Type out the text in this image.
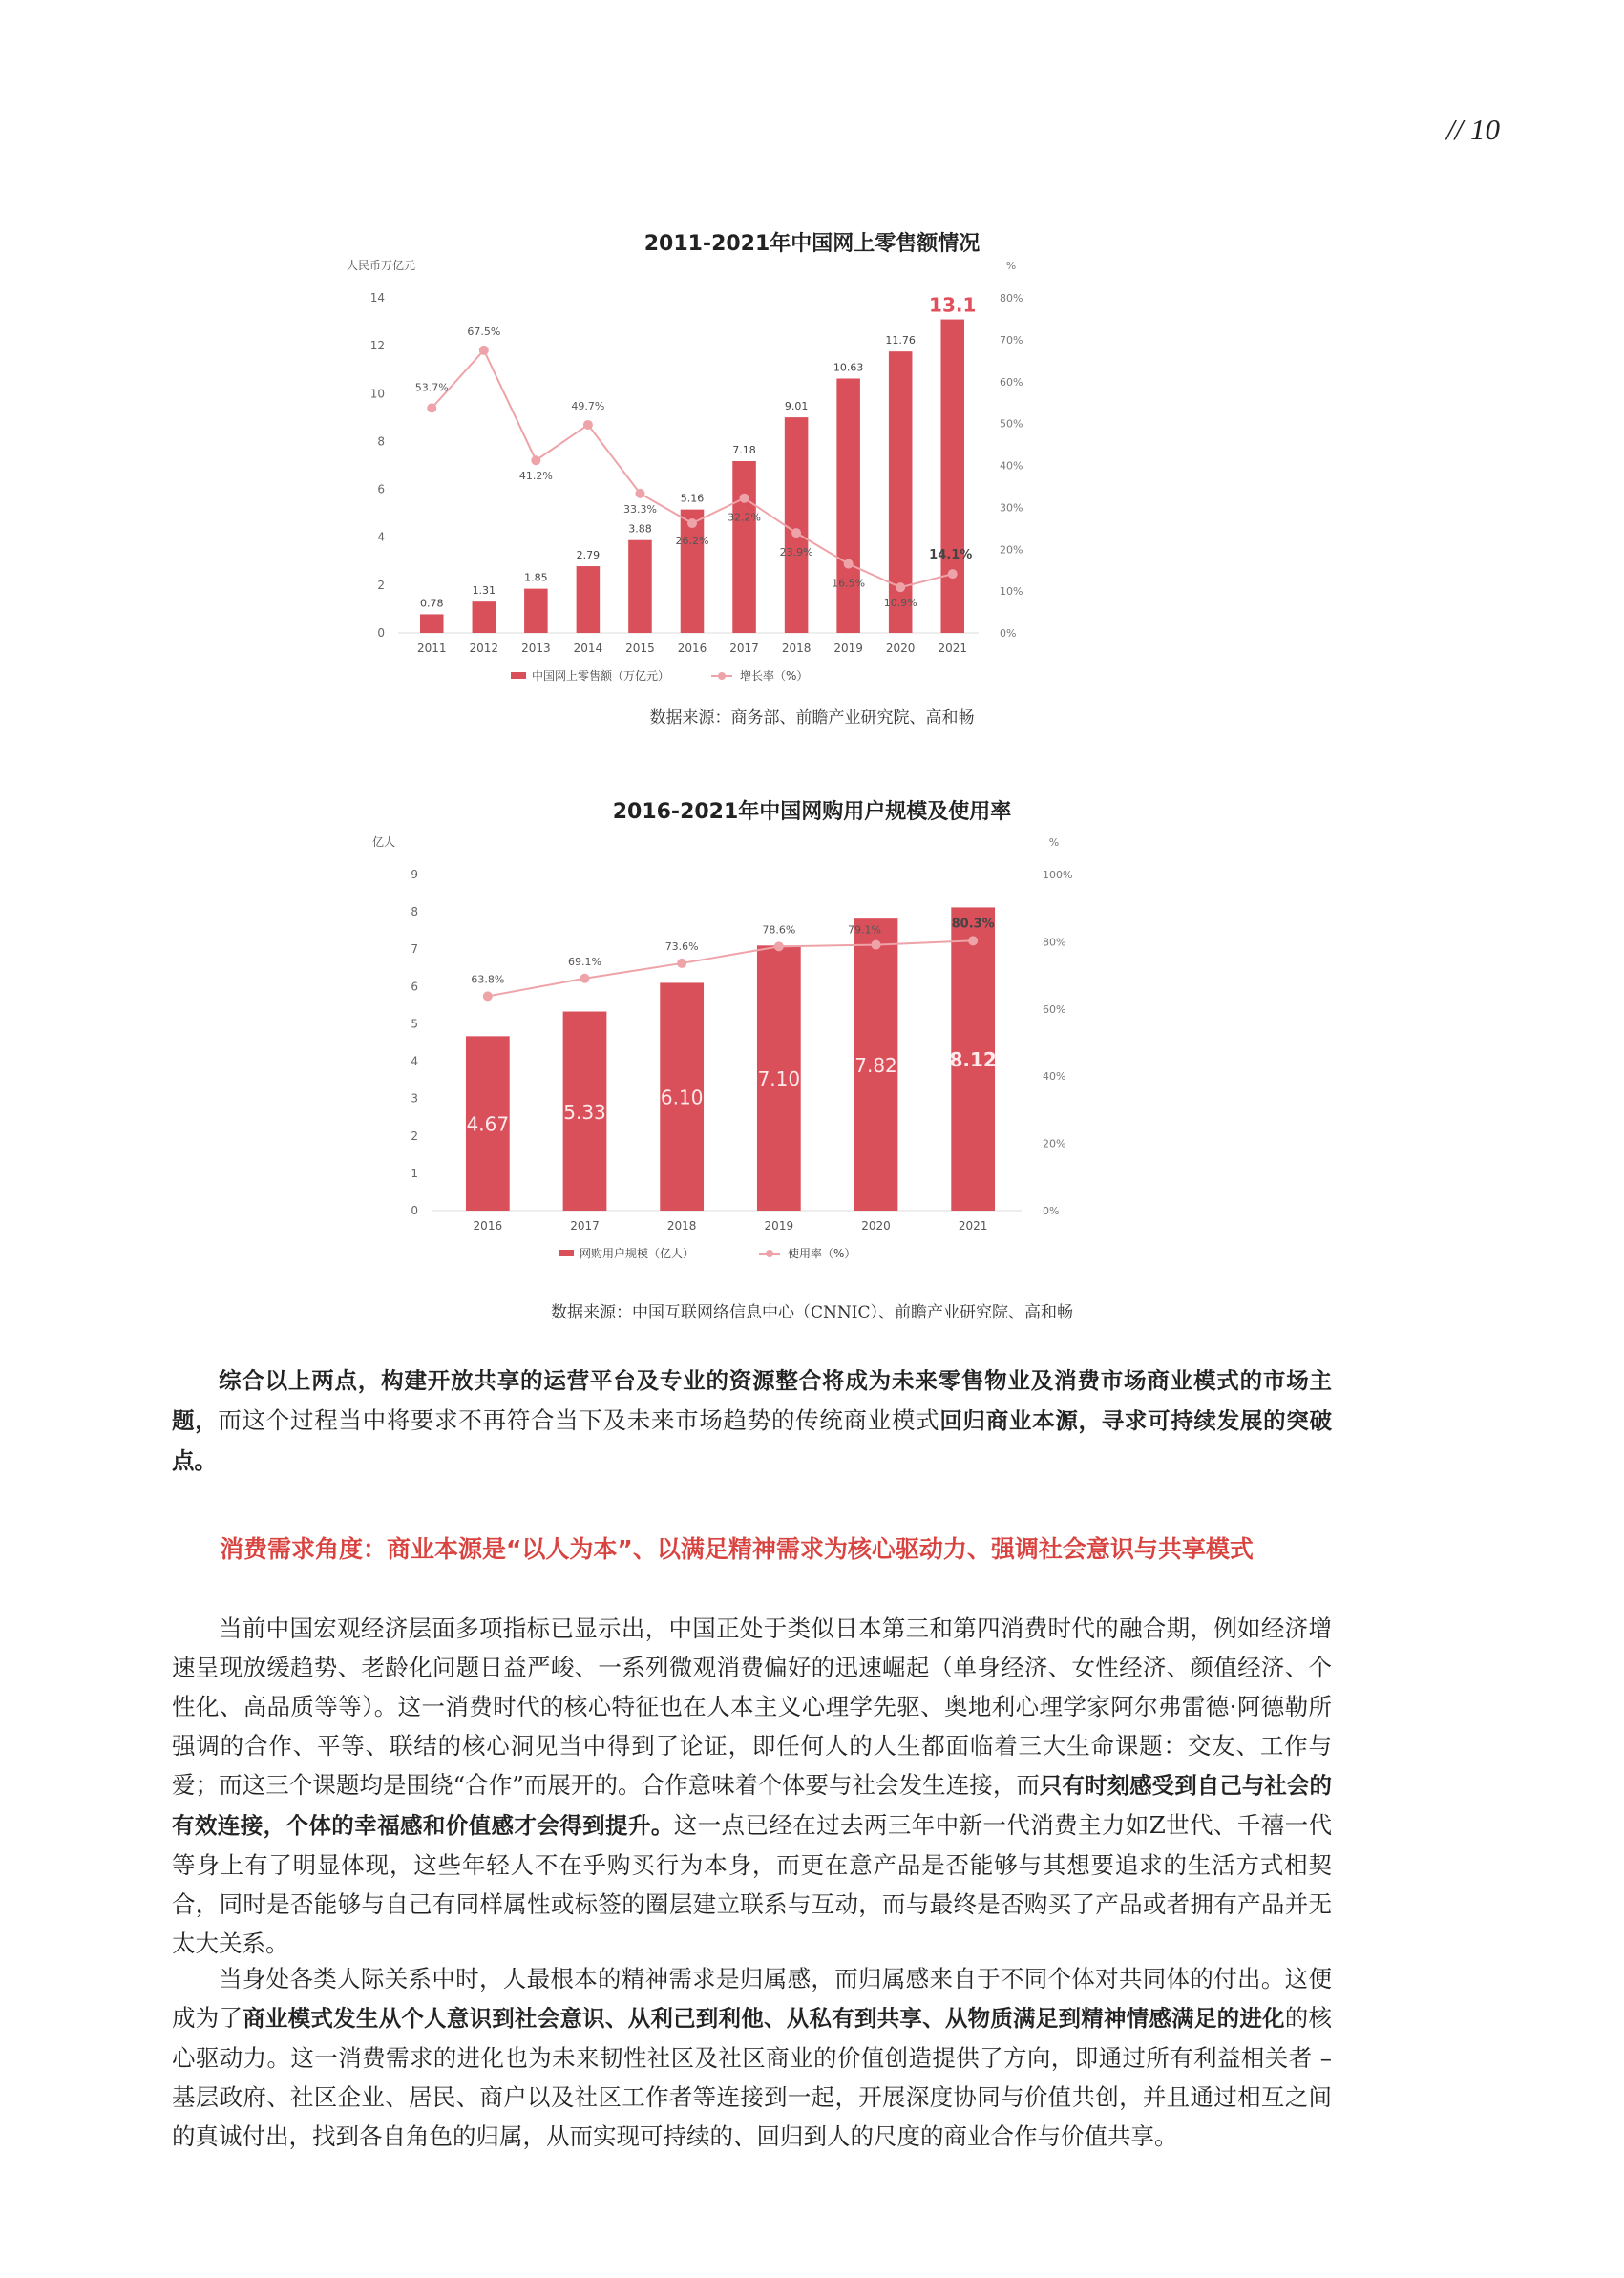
// 10
2011-2021年中国网上零售额情况
人民币万亿元	%
0
2
4
6
8
10
12
14
0%
10%
20%
30%
40%
50%
60%
70%
80%
2011
0.78
2012
1.31
2013
1.85
2014
2.79
2015
3.88
2016
5.16
2017
7.18
2018
9.01
2019
10.63
2020
11.76
2021
13.1
53.7%
67.5%
41.2%
49.7%
33.3%
26.2%
32.2%
23.9%
16.5%
10.9%
14.1%
中国网上零售额（万亿元）	增长率（%）
数据来源：商务部、前瞻产业研究院、高和畅
2016-2021年中国网购用户规模及使用率
亿人	%
0
1
2
3
4
5
6
7
8
9
0%
20%
40%
60%
80%
100%
2016
4.67
2017
5.33
2018
6.10
2019
7.10
2020
7.82
2021
8.12
63.8%
69.1%
73.6%
78.6%	79.1%	80.3%
网购用户规模（亿人）	使用率（%）
数据来源：中国互联网络信息中心（CNNIC）、前瞻产业研究院、高和畅
综合以上两点，构建开放共享的运营平台及专业的资源整合将成为未来零售物业及消费市场商业模式的市场主题，而这个过程当中将要求不再符合当下及未来市场趋势的传统商业模式回归商业本源，寻求可持续发展的突破点。
消费需求角度：商业本源是“以人为本”、以满足精神需求为核心驱动力、强调社会意识与共享模式
当前中国宏观经济层面多项指标已显示出，中国正处于类似日本第三和第四消费时代的融合期，例如经济增速呈现放缓趋势、老龄化问题日益严峻、一系列微观消费偏好的迅速崛起（单身经济、女性经济、颜值经济、个性化、高品质等等）。这一消费时代的核心特征也在人本主义心理学先驱、奥地利心理学家阿尔弗雷德·阿德勒所强调的合作、平等、联结的核心洞见当中得到了论证，即任何人的人生都面临着三大生命课题：交友、工作与爱；而这三个课题均是围绕“合作”而展开的。合作意味着个体要与社会发生连接，而只有时刻感受到自己与社会的有效连接，个体的幸福感和价值感才会得到提升。这一点已经在过去两三年中新一代消费主力如Z世代、千禧一代等身上有了明显体现，这些年轻人不在乎购买行为本身，而更在意产品是否能够与其想要追求的生活方式相契合，同时是否能够与自己有同样属性或标签的圈层建立联系与互动，而与最终是否购买了产品或者拥有产品并无太大关系。
当身处各类人际关系中时，人最根本的精神需求是归属感，而归属感来自于不同个体对共同体的付出。这便成为了商业模式发生从个人意识到社会意识、从利己到利他、从私有到共享、从物质满足到精神情感满足的进化的核心驱动力。这一消费需求的进化也为未来韧性社区及社区商业的价值创造提供了方向，即通过所有利益相关者 – 基层政府、社区企业、居民、商户以及社区工作者等连接到一起，开展深度协同与价值共创，并且通过相互之间的真诚付出，找到各自角色的归属，从而实现可持续的、回归到人的尺度的商业合作与价值共享。
